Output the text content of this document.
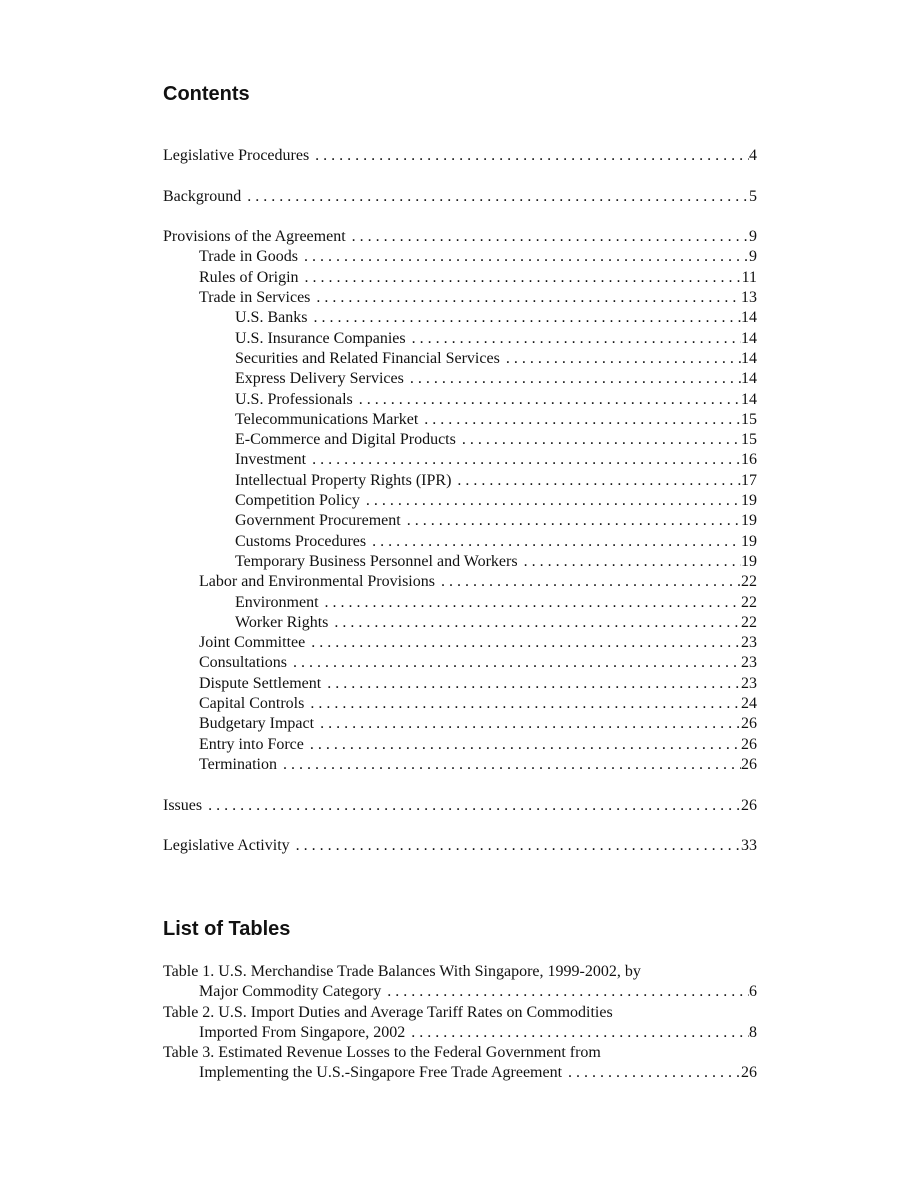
Contents
Legislative Procedures . . .	4
Background . . .	5
Provisions of the Agreement . . .	9
Trade in Goods . . .	9
Rules of Origin . . .	11
Trade in Services . . .	13
U.S. Banks . . .	14
U.S. Insurance Companies . . .	14
Securities and Related Financial Services . . .	14
Express Delivery Services . . .	14
U.S. Professionals . . .	14
Telecommunications Market . . .	15
E-Commerce and Digital Products . . .	15
Investment . . .	16
Intellectual Property Rights (IPR) . . .	17
Competition Policy . . .	19
Government Procurement . . .	19
Customs Procedures . . .	19
Temporary Business Personnel and Workers . . .	19
Labor and Environmental Provisions . . .	22
Environment . . .	22
Worker Rights . . .	22
Joint Committee . . .	23
Consultations . . .	23
Dispute Settlement . . .	23
Capital Controls . . .	24
Budgetary Impact . . .	26
Entry into Force . . .	26
Termination . . .	26
Issues . . .	26
Legislative Activity . . .	33
List of Tables
Table 1. U.S. Merchandise Trade Balances With Singapore, 1999-2002, by
Major Commodity Category . . .	6
Table 2. U.S. Import Duties and Average Tariff Rates on Commodities
Imported From Singapore, 2002 . . .	8
Table 3. Estimated Revenue Losses to the Federal Government from
Implementing the U.S.-Singapore Free Trade Agreement . . .	26
